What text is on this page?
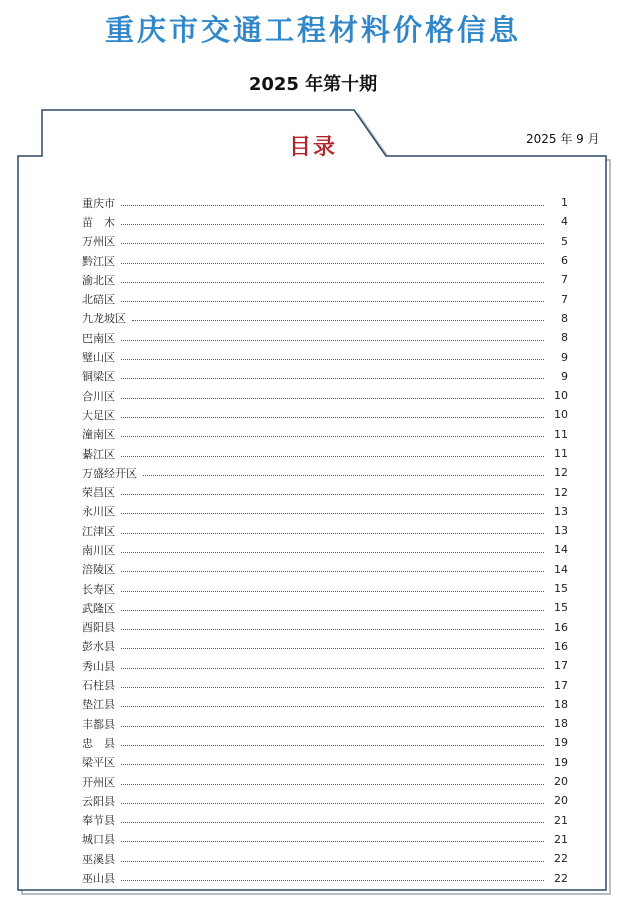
重庆市交通工程材料价格信息
2025 年第十期
目录	2025 年 9 月
重庆市	1
苗　木	4
万州区	5
黔江区	6
渝北区	7
北碚区	7
九龙坡区	8
巴南区	8
璧山区	9
铜梁区	9
合川区	10
大足区	10
潼南区	11
綦江区	11
万盛经开区	12
荣昌区	12
永川区	13
江津区	13
南川区	14
涪陵区	14
长寿区	15
武隆区	15
酉阳县	16
彭水县	16
秀山县	17
石柱县	17
垫江县	18
丰都县	18
忠　县	19
梁平区	19
开州区	20
云阳县	20
奉节县	21
城口县	21
巫溪县	22
巫山县	22
